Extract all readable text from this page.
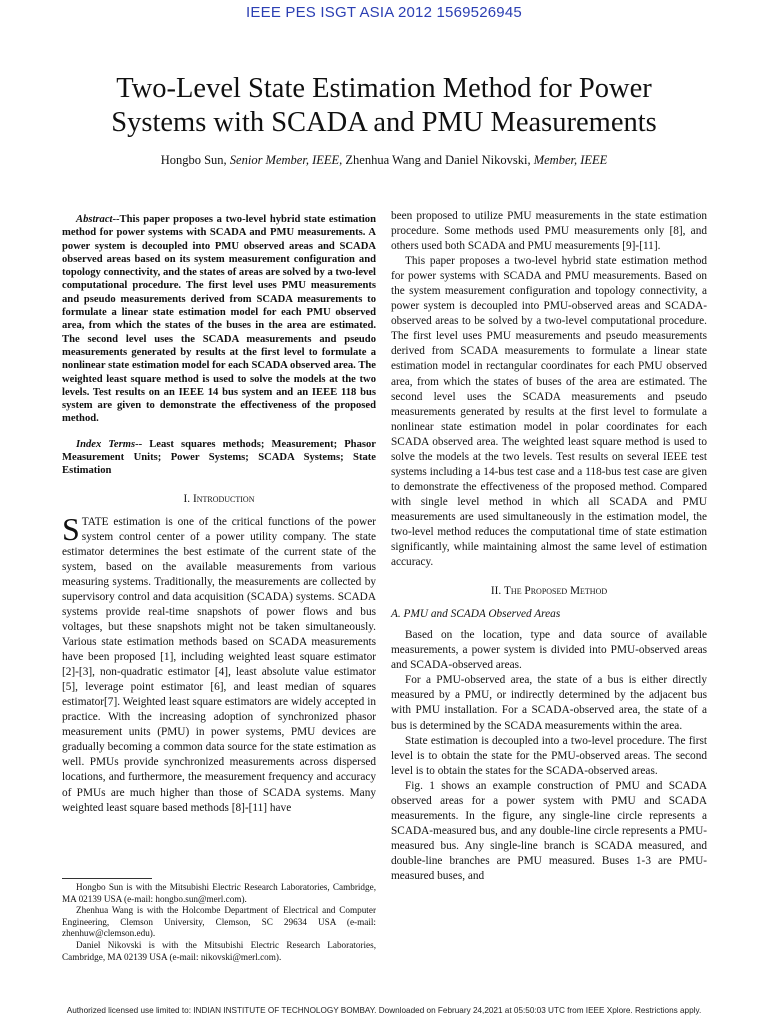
IEEE PES ISGT ASIA 2012 1569526945
Two-Level State Estimation Method for Power
Systems with SCADA and PMU Measurements
Hongbo Sun, Senior Member, IEEE, Zhenhua Wang and Daniel Nikovski, Member, IEEE

Abstract--This paper proposes a two-level hybrid state estimation method for power systems with SCADA and PMU measurements. A power system is decoupled into PMU observed areas and SCADA observed areas based on its system measurement configuration and topology connectivity, and the states of areas are solved by a two-level computational procedure. The first level uses PMU measurements and pseudo measurements derived from SCADA measurements to formulate a linear state estimation model for each PMU observed area, from which the states of the buses in the area are estimated. The second level uses the SCADA measurements and pseudo measurements generated by results at the first level to formulate a nonlinear state estimation model for each SCADA observed area. The weighted least square method is used to solve the models at the two levels. Test results on an IEEE 14 bus system and an IEEE 118 bus system are given to demonstrate the effectiveness of the proposed method.

Index Terms-- Least squares methods; Measurement; Phasor Measurement Units; Power Systems; SCADA Systems; State Estimation

I. Introduction

STATE estimation is one of the critical functions of the power system control center of a power utility company. The state estimator determines the best estimate of the current state of the system, based on the available measurements from various measuring systems. Traditionally, the measurements are collected by supervisory control and data acquisition (SCADA) systems. SCADA systems provide real-time snapshots of power flows and bus voltages, but these snapshots might not be taken simultaneously. Various state estimation methods based on SCADA measurements have been proposed [1], including weighted least square estimator [2]-[3], non-quadratic estimator [4], least absolute value estimator [5], leverage point estimator [6], and least median of squares estimator[7]. Weighted least square estimators are widely accepted in practice. With the increasing adoption of synchronized phasor measurement units (PMU) in power systems, PMU devices are gradually becoming a common data source for the state estimation as well. PMUs provide synchronized measurements across dispersed locations, and furthermore, the measurement frequency and accuracy of PMUs are much higher than those of SCADA systems. Many weighted least square based methods [8]-[11] have

Hongbo Sun is with the Mitsubishi Electric Research Laboratories, Cambridge, MA 02139 USA (e-mail: hongbo.sun@merl.com).

Zhenhua Wang is with the Holcombe Department of Electrical and Computer Engineering, Clemson University, Clemson, SC 29634 USA (e-mail: zhenhuw@clemson.edu).

Daniel Nikovski is with the Mitsubishi Electric Research Laboratories, Cambridge, MA 02139 USA (e-mail: nikovski@merl.com).

been proposed to utilize PMU measurements in the state estimation procedure. Some methods used PMU measurements only [8], and others used both SCADA and PMU measurements [9]-[11].

This paper proposes a two-level hybrid state estimation method for power systems with SCADA and PMU measurements. Based on the system measurement configuration and topology connectivity, a power system is decoupled into PMU-observed areas and SCADA-observed areas to be solved by a two-level computational procedure. The first level uses PMU measurements and pseudo measurements derived from SCADA measurements to formulate a linear state estimation model in rectangular coordinates for each PMU observed area, from which the states of buses of the area are estimated. The second level uses the SCADA measurements and pseudo measurements generated by results at the first level to formulate a nonlinear state estimation model in polar coordinates for each SCADA observed area. The weighted least square method is used to solve the models at the two levels. Test results on several IEEE test systems including a 14-bus test case and a 118-bus test case are given to demonstrate the effectiveness of the proposed method. Compared with single level method in which all SCADA and PMU measurements are used simultaneously in the estimation model, the two-level method reduces the computational time of state estimation significantly, while maintaining almost the same level of estimation accuracy.

II. The Proposed Method

A. PMU and SCADA Observed Areas

Based on the location, type and data source of available measurements, a power system is divided into PMU-observed areas and SCADA-observed areas.

For a PMU-observed area, the state of a bus is either directly measured by a PMU, or indirectly determined by the adjacent bus with PMU installation. For a SCADA-observed area, the state of a bus is determined by the SCADA measurements within the area.

State estimation is decoupled into a two-level procedure. The first level is to obtain the state for the PMU-observed areas. The second level is to obtain the states for the SCADA-observed areas.

Fig. 1 shows an example construction of PMU and SCADA observed areas for a power system with PMU and SCADA measurements. In the figure, any single-line circle represents a SCADA-measured bus, and any double-line circle represents a PMU-measured bus. Any single-line branch is SCADA measured, and double-line branches are PMU measured. Buses 1-3 are PMU-measured buses, and

Authorized licensed use limited to: INDIAN INSTITUTE OF TECHNOLOGY BOMBAY. Downloaded on February 24,2021 at 05:50:03 UTC from IEEE Xplore. Restrictions apply.
